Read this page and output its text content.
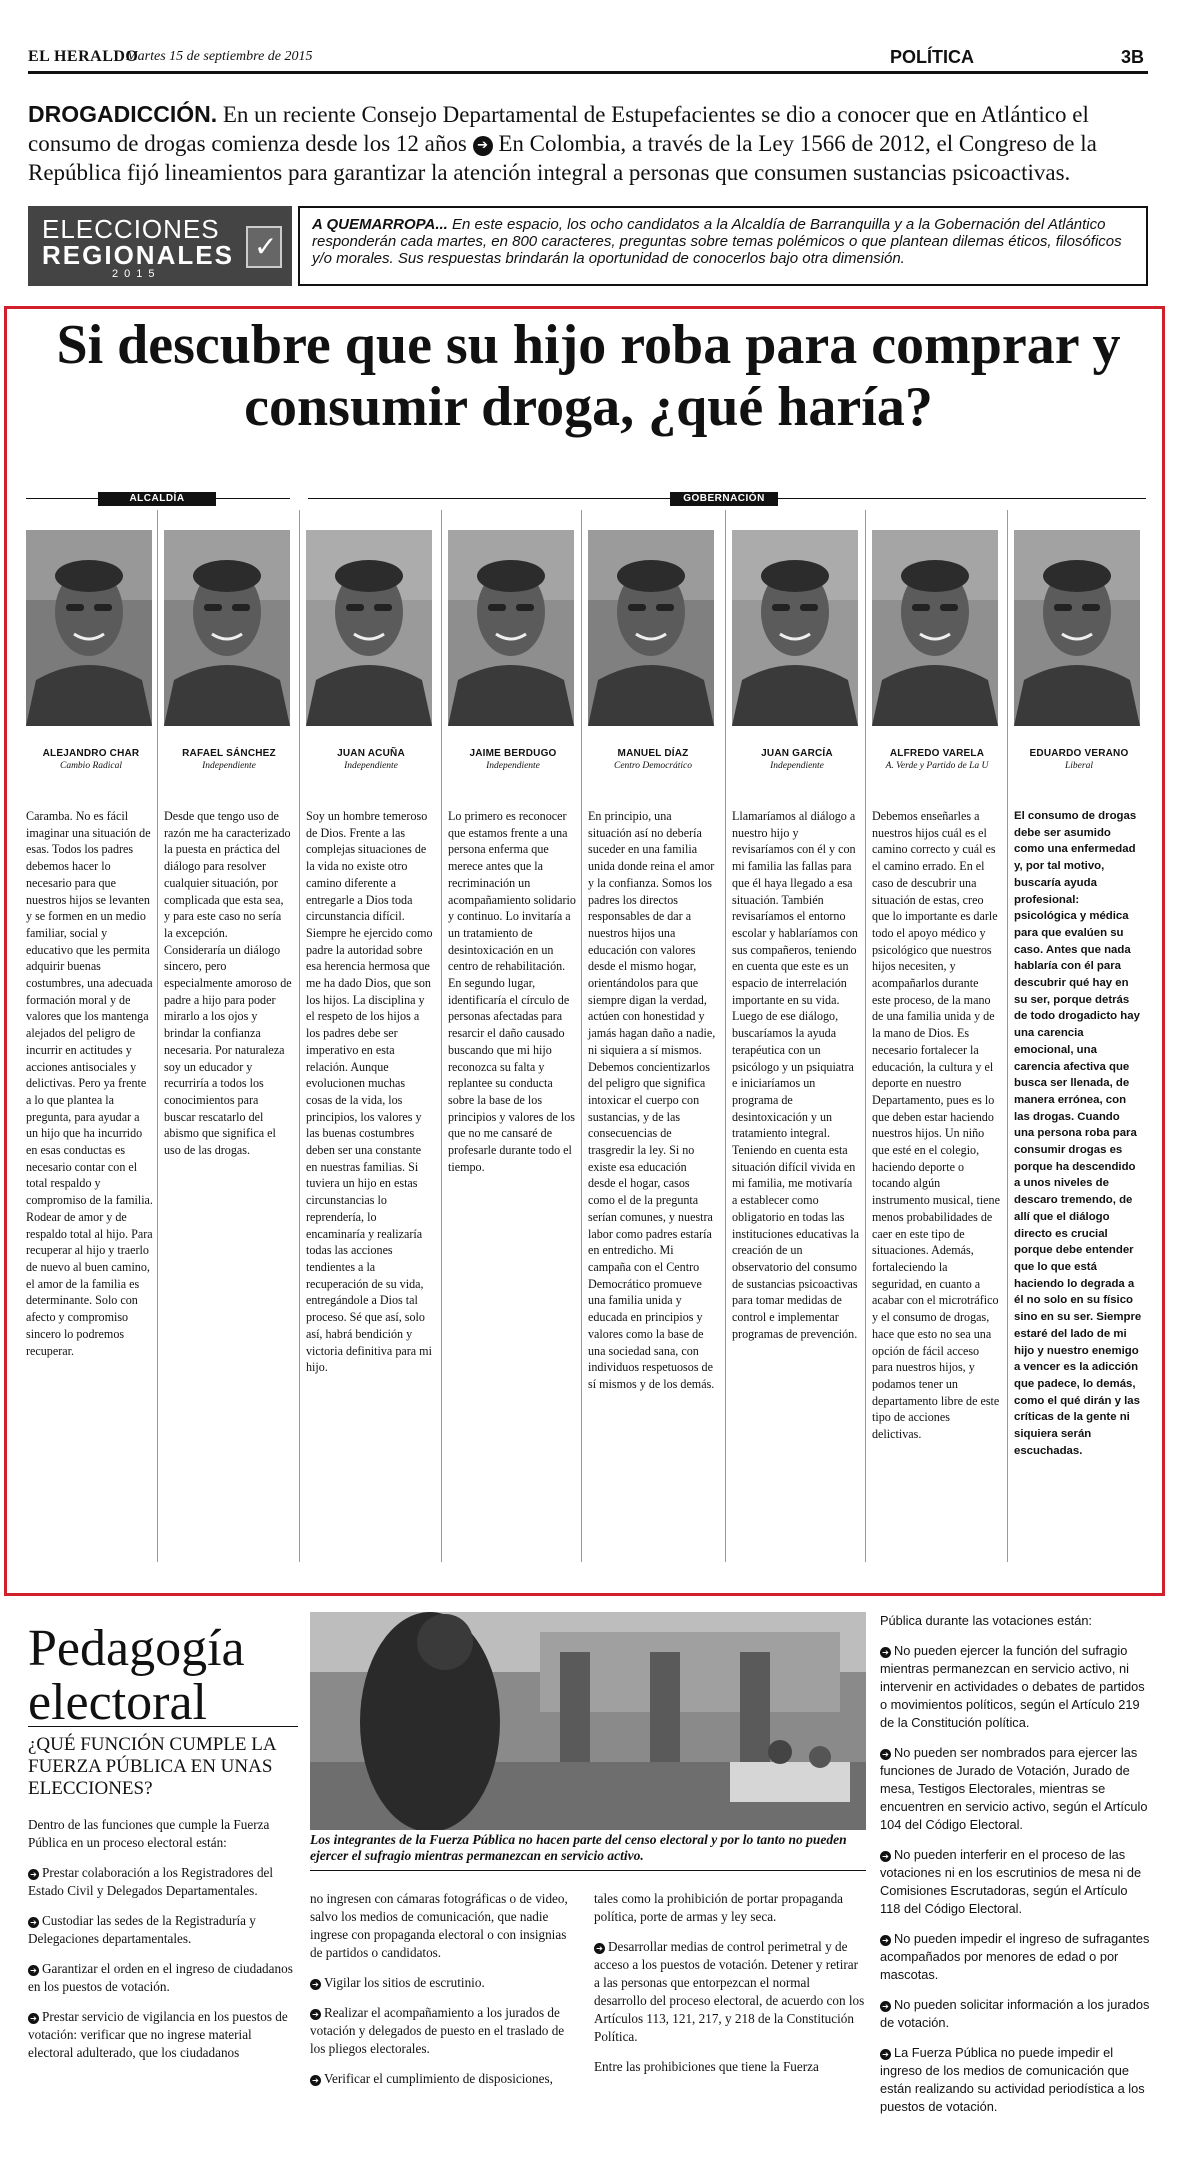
EL HERALDO
Martes 15 de septiembre de 2015	POLÍTICA	3B
DROGADICCIÓN. En un reciente Consejo Departamental de Estupefacientes se dio a conocer que en Atlántico el consumo de drogas comienza desde los 12 años ➔ En Colombia, a través de la Ley 1566 de 2012, el Congreso de la República fijó lineamientos para garantizar la atención integral a personas que consumen sustancias psicoactivas.
ELECCIONES
REGIONALES
2015
✓
A QUEMARROPA... En este espacio, los ocho candidatos a la Alcaldía de Barranquilla y a la Gobernación del Atlántico responderán cada martes, en 800 caracteres, preguntas sobre temas polémicos o que plantean dilemas éticos, filosóficos y/o morales. Sus respuestas brindarán la oportunidad de conocerlos bajo otra dimensión.
Si descubre que su hijo roba para comprar y consumir droga, ¿qué haría?
ALCALDÍA	GOBERNACIÓN
ALEJANDRO CHAR
Cambio Radical
Caramba. No es fácil imaginar una situación de esas. Todos los padres debemos hacer lo necesario para que nuestros hijos se levanten y se formen en un medio familiar, social y educativo que les permita adquirir buenas costumbres, una adecuada formación moral y de valores que los mantenga alejados del peligro de incurrir en actitudes y acciones antisociales y delictivas. Pero ya frente a lo que plantea la pregunta, para ayudar a un hijo que ha incurrido en esas conductas es necesario contar con el total respaldo y compromiso de la familia. Rodear de amor y de respaldo total al hijo. Para recuperar al hijo y traerlo de nuevo al buen camino, el amor de la familia es determinante. Solo con afecto y compromiso sincero lo podremos recuperar.
RAFAEL SÁNCHEZ
Independiente
Desde que tengo uso de razón me ha caracterizado la puesta en práctica del diálogo para resolver cualquier situación, por complicada que esta sea, y para este caso no sería la excepción. Consideraría un diálogo sincero, pero especialmente amoroso de padre a hijo para poder mirarlo a los ojos y brindar la confianza necesaria. Por naturaleza soy un educador y recurriría a todos los conocimientos para buscar rescatarlo del abismo que significa el uso de las drogas.
JUAN ACUÑA
Independiente
Soy un hombre temeroso de Dios. Frente a las complejas situaciones de la vida no existe otro camino diferente a entregarle a Dios toda circunstancia difícil. Siempre he ejercido como padre la autoridad sobre esa herencia hermosa que me ha dado Dios, que son los hijos. La disciplina y el respeto de los hijos a los padres debe ser imperativo en esta relación. Aunque evolucionen muchas cosas de la vida, los principios, los valores y las buenas costumbres deben ser una constante en nuestras familias. Si tuviera un hijo en estas circunstancias lo reprendería, lo encaminaría y realizaría todas las acciones tendientes a la recuperación de su vida, entregándole a Dios tal proceso. Sé que así, solo así, habrá bendición y victoria definitiva para mi hijo.
JAIME BERDUGO
Independiente
Lo primero es reconocer que estamos frente a una persona enferma que merece antes que la recriminación un acompañamiento solidario y continuo. Lo invitaría a un tratamiento de desintoxicación en un centro de rehabilitación. En segundo lugar, identificaría el círculo de personas afectadas para resarcir el daño causado buscando que mi hijo reconozca su falta y replantee su conducta sobre la base de los principios y valores de los que no me cansaré de profesarle durante todo el tiempo.
MANUEL DÍAZ
Centro Democrático
En principio, una situación así no debería suceder en una familia unida donde reina el amor y la confianza. Somos los padres los directos responsables de dar a nuestros hijos una educación con valores desde el mismo hogar, orientándolos para que siempre digan la verdad, actúen con honestidad y jamás hagan daño a nadie, ni siquiera a sí mismos. Debemos concientizarlos del peligro que significa intoxicar el cuerpo con sustancias, y de las consecuencias de trasgredir la ley. Si no existe esa educación desde el hogar, casos como el de la pregunta serían comunes, y nuestra labor como padres estaría en entredicho. Mi campaña con el Centro Democrático promueve una familia unida y educada en principios y valores como la base de una sociedad sana, con individuos respetuosos de sí mismos y de los demás.
JUAN GARCÍA
Independiente
Llamaríamos al diálogo a nuestro hijo y revisaríamos con él y con mi familia las fallas para que él haya llegado a esa situación. También revisaríamos el entorno escolar y hablaríamos con sus compañeros, teniendo en cuenta que este es un espacio de interrelación importante en su vida. Luego de ese diálogo, buscaríamos la ayuda terapéutica con un psicólogo y un psiquiatra e iniciaríamos un programa de desintoxicación y un tratamiento integral. Teniendo en cuenta esta situación difícil vivida en mi familia, me motivaría a establecer como obligatorio en todas las instituciones educativas la creación de un observatorio del consumo de sustancias psicoactivas para tomar medidas de control e implementar programas de prevención.
ALFREDO VARELA
A. Verde y Partido de La U
Debemos enseñarles a nuestros hijos cuál es el camino correcto y cuál es el camino errado. En el caso de descubrir una situación de estas, creo que lo importante es darle todo el apoyo médico y psicológico que nuestros hijos necesiten, y acompañarlos durante este proceso, de la mano de una familia unida y de la mano de Dios. Es necesario fortalecer la educación, la cultura y el deporte en nuestro Departamento, pues es lo que deben estar haciendo nuestros hijos. Un niño que esté en el colegio, haciendo deporte o tocando algún instrumento musical, tiene menos probabilidades de caer en este tipo de situaciones. Además, fortaleciendo la seguridad, en cuanto a acabar con el microtráfico y el consumo de drogas, hace que esto no sea una opción de fácil acceso para nuestros hijos, y podamos tener un departamento libre de este tipo de acciones delictivas.
EDUARDO VERANO
Liberal
El consumo de drogas debe ser asumido como una enfermedad y, por tal motivo, buscaría ayuda profesional: psicológica y médica para que evalúen su caso. Antes que nada hablaría con él para descubrir qué hay en su ser, porque detrás de todo drogadicto hay una carencia emocional, una carencia afectiva que busca ser llenada, de manera errónea, con las drogas. Cuando una persona roba para consumir drogas es porque ha descendido a unos niveles de descaro tremendo, de allí que el diálogo directo es crucial porque debe entender que lo que está haciendo lo degrada a él no solo en su físico sino en su ser. Siempre estaré del lado de mi hijo y nuestro enemigo a vencer es la adicción que padece, lo demás, como el qué dirán y las críticas de la gente ni siquiera serán escuchadas.
Pedagogía
electoral
¿QUÉ FUNCIÓN CUMPLE LA FUERZA PÚBLICA EN UNAS ELECCIONES?

Dentro de las funciones que cumple la Fuerza Pública en un proceso electoral están:

➔ Prestar colaboración a los Registradores del Estado Civil y Delegados Departamentales.

➔ Custodiar las sedes de la Registraduría y Delegaciones departamentales.

➔ Garantizar el orden en el ingreso de ciudadanos en los puestos de votación.

➔ Prestar servicio de vigilancia en los puestos de votación: verificar que no ingrese material electoral adulterado, que los ciudadanos

Los integrantes de la Fuerza Pública no hacen parte del censo electoral y por lo tanto no pueden ejercer el sufragio mientras permanezcan en servicio activo.

no ingresen con cámaras fotográficas o de video, salvo los medios de comunicación, que nadie ingrese con propaganda electoral o con insignias de partidos o candidatos.

➔ Vigilar los sitios de escrutinio.

➔ Realizar el acompañamiento a los jurados de votación y delegados de puesto en el traslado de los pliegos electorales.

➔ Verificar el cumplimiento de disposiciones,

tales como la prohibición de portar propaganda política, porte de armas y ley seca.

➔ Desarrollar medias de control perimetral y de acceso a los puestos de votación. Detener y retirar a las personas que entorpezcan el normal desarrollo del proceso electoral, de acuerdo con los Artículos 113, 121, 217, y 218 de la Constitución Política.

Entre las prohibiciones que tiene la Fuerza

Pública durante las votaciones están:

➔ No pueden ejercer la función del sufragio mientras permanezcan en servicio activo, ni intervenir en actividades o debates de partidos o movimientos políticos, según el Artículo 219 de la Constitución política.

➔ No pueden ser nombrados para ejercer las funciones de Jurado de Votación, Jurado de mesa, Testigos Electorales, mientras se encuentren en servicio activo, según el Artículo 104 del Código Electoral.

➔ No pueden interferir en el proceso de las votaciones ni en los escrutinios de mesa ni de Comisiones Escrutadoras, según el Artículo 118 del Código Electoral.

➔ No pueden impedir el ingreso de sufragantes acompañados por menores de edad o por mascotas.

➔ No pueden solicitar información a los jurados de votación.

➔ La Fuerza Pública no puede impedir el ingreso de los medios de comunicación que están realizando su actividad periodística a los puestos de votación.
